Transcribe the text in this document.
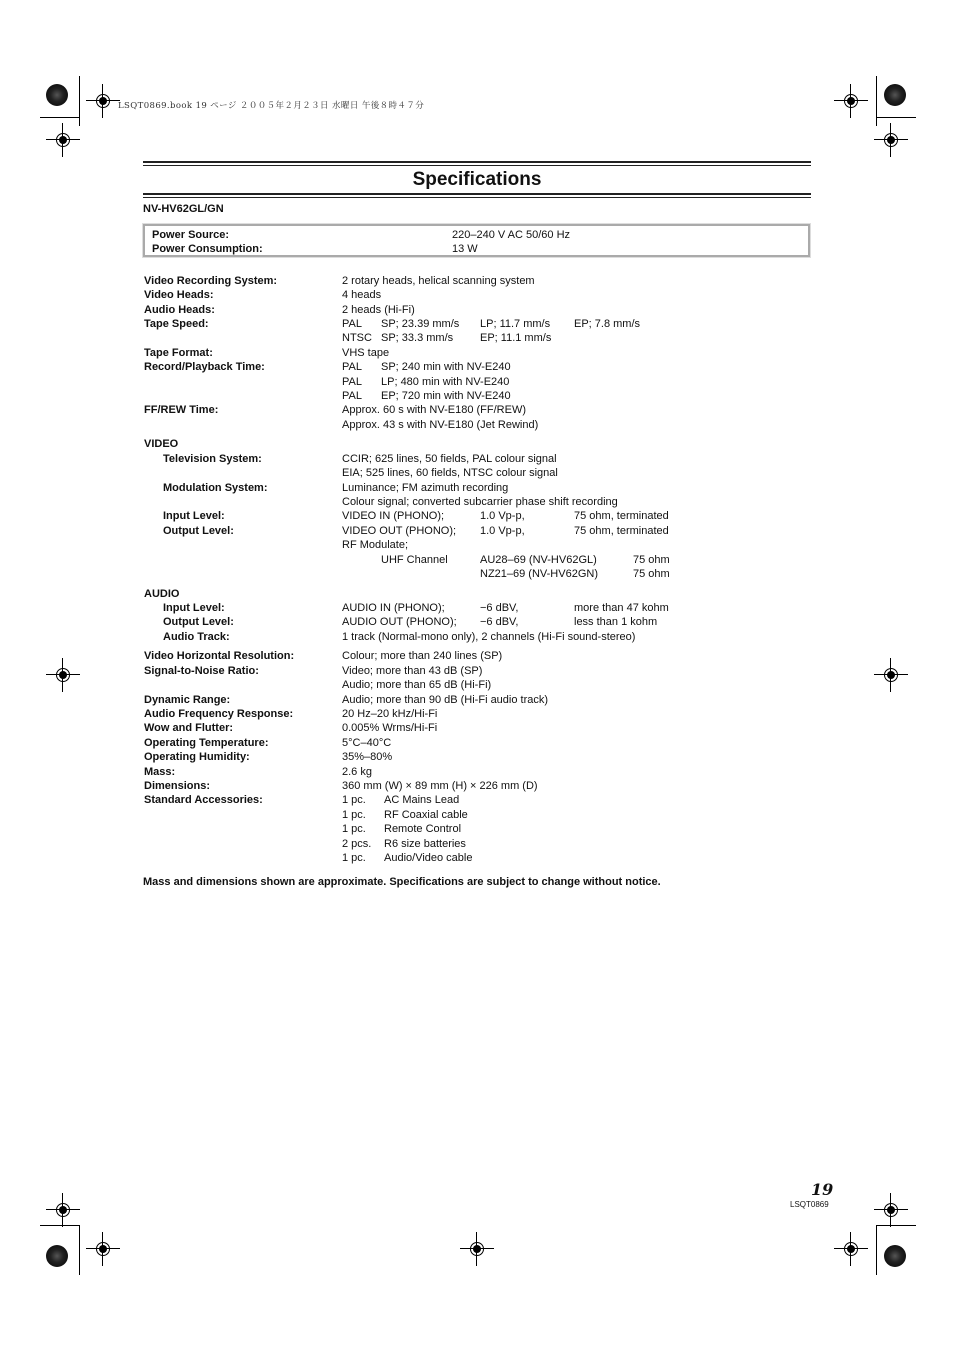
LSQT0869.book 19 ページ ２００５年２月２３日 水曜日 午後８時４７分
Specifications
NV-HV62GL/GN
Power Source:	220–240 V AC 50/60 Hz
Power Consumption:	13 W
Video Recording System:	2 rotary heads, helical scanning system
Video Heads:	4 heads
Audio Heads:	2 heads (Hi-Fi)
Tape Speed:	PAL SP; 23.39 mm/s LP; 11.7 mm/s EP; 7.8 mm/s
NTSC SP; 33.3 mm/s EP; 11.1 mm/s
Tape Format:	VHS tape
Record/Playback Time:	PAL SP; 240 min with NV-E240
PAL LP; 480 min with NV-E240
PAL EP; 720 min with NV-E240
FF/REW Time:	Approx. 60 s with NV-E180 (FF/REW)
Approx. 43 s with NV-E180 (Jet Rewind)
VIDEO
Television System:	CCIR; 625 lines, 50 fields, PAL colour signal
EIA; 525 lines, 60 fields, NTSC colour signal
Modulation System:	Luminance; FM azimuth recording
Colour signal; converted subcarrier phase shift recording
Input Level:	VIDEO IN (PHONO);	1.0 Vp-p,	75 ohm, terminated
Output Level:	VIDEO OUT (PHONO); 1.0 Vp-p,	75 ohm, terminated
RF Modulate;
UHF Channel	AU28–69 (NV-HV62GL)	75 ohm
NZ21–69 (NV-HV62GN)	75 ohm
AUDIO
Input Level:	AUDIO IN (PHONO);	−6 dBV,	more than 47 kohm
Output Level:	AUDIO OUT (PHONO); −6 dBV,	less than 1 kohm
Audio Track:	1 track (Normal-mono only), 2 channels (Hi-Fi sound-stereo)
Video Horizontal Resolution:	Colour; more than 240 lines (SP)
Signal-to-Noise Ratio:	Video; more than 43 dB (SP)
Audio; more than 65 dB (Hi-Fi)
Dynamic Range:	Audio; more than 90 dB (Hi-Fi audio track)
Audio Frequency Response:	20 Hz–20 kHz/Hi-Fi
Wow and Flutter:	0.005% Wrms/Hi-Fi
Operating Temperature:	5°C–40°C
Operating Humidity:	35%–80%
Mass:	2.6 kg
Dimensions:	360 mm (W) × 89 mm (H) × 226 mm (D)
Standard Accessories:	1 pc. AC Mains Lead
1 pc. RF Coaxial cable
1 pc. Remote Control
2 pcs. R6 size batteries
1 pc. Audio/Video cable
Mass and dimensions shown are approximate. Specifications are subject to change without notice.
19
LSQT0869
